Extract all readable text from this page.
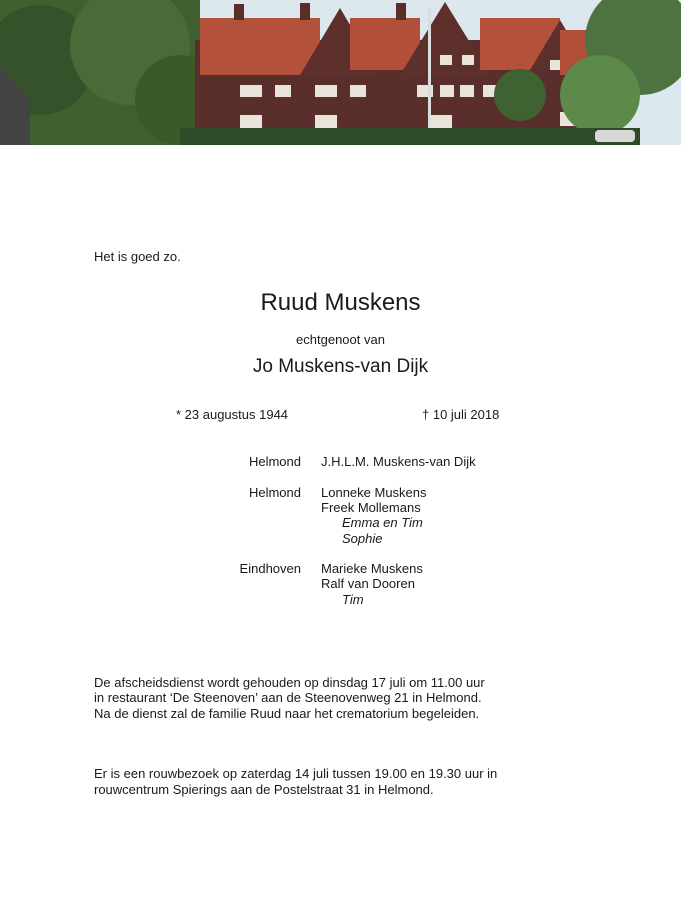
Het is goed zo.
Ruud Muskens
echtgenoot van
Jo Muskens-van Dijk
* 23 augustus 1944	† 10 juli 2018
Helmond J.H.L.M. Muskens-van Dijk
Helmond Lonneke Muskens
Freek Mollemans
Emma en Tim
Sophie
Eindhoven Marieke Muskens
Ralf van Dooren
Tim
De afscheidsdienst wordt gehouden op dinsdag 17 juli om 11.00 uur
in restaurant ‘De Steenoven’ aan de Steenovenweg 21 in Helmond.
Na de dienst zal de familie Ruud naar het crematorium begeleiden.
Er is een rouwbezoek op zaterdag 14 juli tussen 19.00 en 19.30 uur in
rouwcentrum Spierings aan de Postelstraat 31 in Helmond.
